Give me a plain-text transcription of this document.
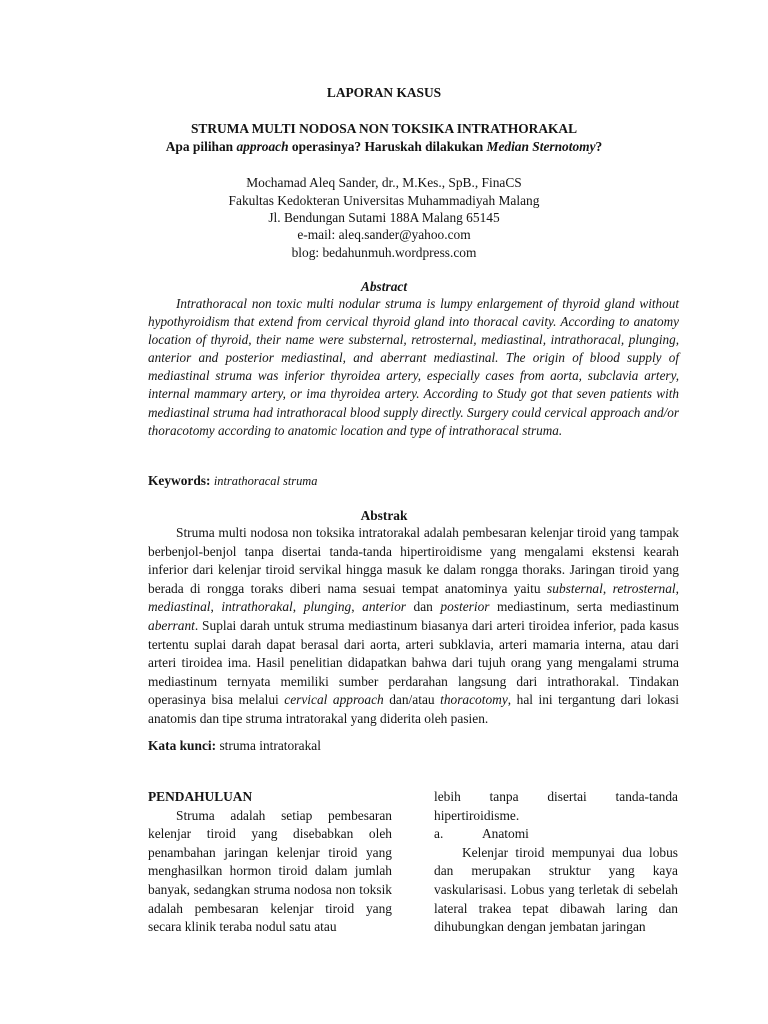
LAPORAN KASUS
STRUMA MULTI NODOSA NON TOKSIKA INTRATHORAKAL
Apa pilihan approach operasinya? Haruskah dilakukan Median Sternotomy?
Mochamad Aleq Sander, dr., M.Kes., SpB., FinaCS
Fakultas Kedokteran Universitas Muhammadiyah Malang
Jl. Bendungan Sutami 188A Malang 65145
e-mail: aleq.sander@yahoo.com
blog: bedahunmuh.wordpress.com
Abstract
Intrathoracal non toxic multi nodular struma is lumpy enlargement of thyroid gland without hypothyroidism that extend from cervical thyroid gland into thoracal cavity. According to anatomy location of thyroid, their name were substernal, retrosternal, mediastinal, intrathoracal, plunging, anterior and posterior mediastinal, and aberrant mediastinal. The origin of blood supply of mediastinal struma was inferior thyroidea artery, especially cases from aorta, subclavia artery, internal mammary artery, or ima thyroidea artery. According to Study got that seven patients with mediastinal struma had intrathoracal blood supply directly. Surgery could cervical approach and/or thoracotomy according to anatomic location and type of intrathoracal struma.
Keywords: intrathoracal struma
Abstrak
Struma multi nodosa non toksika intratorakal adalah pembesaran kelenjar tiroid yang tampak berbenjol-benjol tanpa disertai tanda-tanda hipertiroidisme yang mengalami ekstensi kearah inferior dari kelenjar tiroid servikal hingga masuk ke dalam rongga thoraks. Jaringan tiroid yang berada di rongga toraks diberi nama sesuai tempat anatominya yaitu substernal, retrosternal, mediastinal, intrathorakal, plunging, anterior dan posterior mediastinum, serta mediastinum aberrant. Suplai darah untuk struma mediastinum biasanya dari arteri tiroidea inferior, pada kasus tertentu suplai darah dapat berasal dari aorta, arteri subklavia, arteri mamaria interna, atau dari arteri tiroidea ima. Hasil penelitian didapatkan bahwa dari tujuh orang yang mengalami struma mediastinum ternyata memiliki sumber perdarahan langsung dari intrathorakal. Tindakan operasinya bisa melalui cervical approach dan/atau thoracotomy, hal ini tergantung dari lokasi anatomis dan tipe struma intratorakal yang diderita oleh pasien.
Kata kunci: struma intratorakal

PENDAHULUAN

Struma adalah setiap pembesaran kelenjar tiroid yang disebabkan oleh penambahan jaringan kelenjar tiroid yang menghasilkan hormon tiroid dalam jumlah banyak, sedangkan struma nodosa non toksik adalah pembesaran kelenjar tiroid yang secara klinik teraba nodul satu atau

lebih tanpa disertai tanda-tanda

hipertiroidisme.

a.	Anatomi

Kelenjar tiroid mempunyai dua lobus dan merupakan struktur yang kaya vaskularisasi. Lobus yang terletak di sebelah lateral trakea tepat dibawah laring dan dihubungkan dengan jembatan jaringan
